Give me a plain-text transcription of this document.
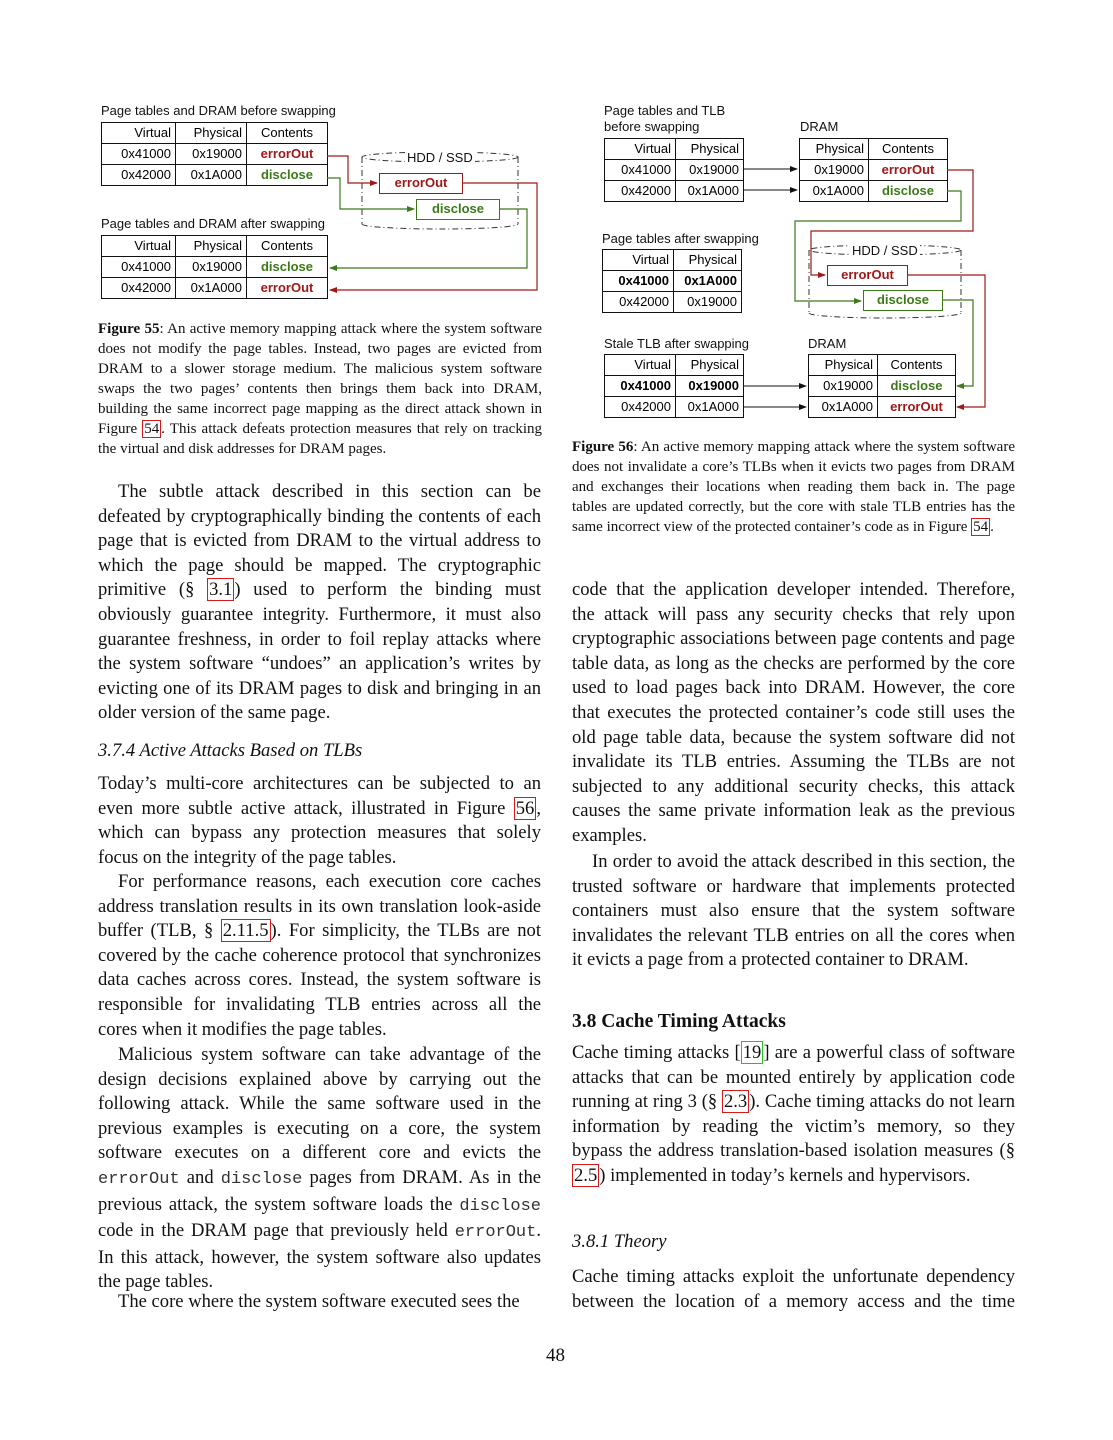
Page tables and DRAM before swapping
Virtual	Physical	Contents
0x41000	0x19000	errorOut
0x42000	0x1A000	disclose
Page tables and DRAM after swapping
Virtual	Physical	Contents
0x41000	0x19000	disclose
0x42000	0x1A000	errorOut
Page tables and TLB
before swapping	DRAM
Virtual	Physical
0x41000	0x19000
0x42000	0x1A000
Physical	Contents
0x19000	errorOut
0x1A000	disclose
Page tables after swapping
Virtual	Physical
0x41000	0x1A000
0x42000	0x19000
Stale TLB after swapping	DRAM
Virtual	Physical
0x41000	0x19000
0x42000	0x1A000
Physical	Contents
0x19000	disclose
0x1A000	errorOut
HDD / SSD
errorOut
disclose
HDD / SSD
errorOut
disclose
Figure 55: An active memory mapping attack where the system software does not modify the page tables. Instead, two pages are evicted from DRAM to a slower storage medium. The malicious system software swaps the two pages’ contents then brings them back into DRAM, building the same incorrect page mapping as the direct attack shown in Figure 54 . This attack defeats protection measures that rely on tracking the virtual and disk addresses for DRAM pages.	Figure 56: An active memory mapping attack where the system software does not invalidate a core’s TLBs when it evicts two pages from DRAM and exchanges their locations when reading them back in. The page tables are updated correctly, but the core with stale TLB entries has the same incorrect view of the protected container’s code as in Figure 54 .
The subtle attack described in this section can be defeated by cryptographically binding the contents of each page that is evicted from DRAM to the virtual address to which the page should be mapped. The cryptographic primitive (§ 3.1 ) used to perform the binding must obviously guarantee integrity. Furthermore, it must also guarantee freshness, in order to foil replay attacks where the system software “undoes” an application’s writes by evicting one of its DRAM pages to disk and bringing in an older version of the same page.
3.7.4 Active Attacks Based on TLBs
Today’s multi-core architectures can be subjected to an even more subtle active attack, illustrated in Figure 56 , which can bypass any protection measures that solely focus on the integrity of the page tables.
For performance reasons, each execution core caches address translation results in its own translation look-aside buffer (TLB, § 2.11.5 ). For simplicity, the TLBs are not covered by the cache coherence protocol that synchronizes data caches across cores. Instead, the system software is responsible for invalidating TLB entries across all the cores when it modifies the page tables.
Malicious system software can take advantage of the design decisions explained above by carrying out the following attack. While the same software used in the previous examples is executing on a core, the system software executes on a different core and evicts the errorOut and disclose pages from DRAM. As in the previous attack, the system software loads the disclose code in the DRAM page that previously held errorOut. In this attack, however, the system software also updates the page tables.
The core where the system software executed sees the
code that the application developer intended. Therefore, the attack will pass any security checks that rely upon cryptographic associations between page contents and page table data, as long as the checks are performed by the core used to load pages back into DRAM. However, the core that executes the protected container’s code still uses the old page table data, because the system software did not invalidate its TLB entries. Assuming the TLBs are not subjected to any additional security checks, this attack causes the same private information leak as the previous examples.
In order to avoid the attack described in this section, the trusted software or hardware that implements protected containers must also ensure that the system software invalidates the relevant TLB entries on all the cores when it evicts a page from a protected container to DRAM.
3.8 Cache Timing Attacks
Cache timing attacks [ 19 ] are a powerful class of software attacks that can be mounted entirely by application code running at ring 3 (§ 2.3 ). Cache timing attacks do not learn information by reading the victim’s memory, so they bypass the address translation-based isolation measures (§ 2.5 ) implemented in today’s kernels and hypervisors.
3.8.1 Theory
Cache timing attacks exploit the unfortunate dependency between the location of a memory access and the time
48
